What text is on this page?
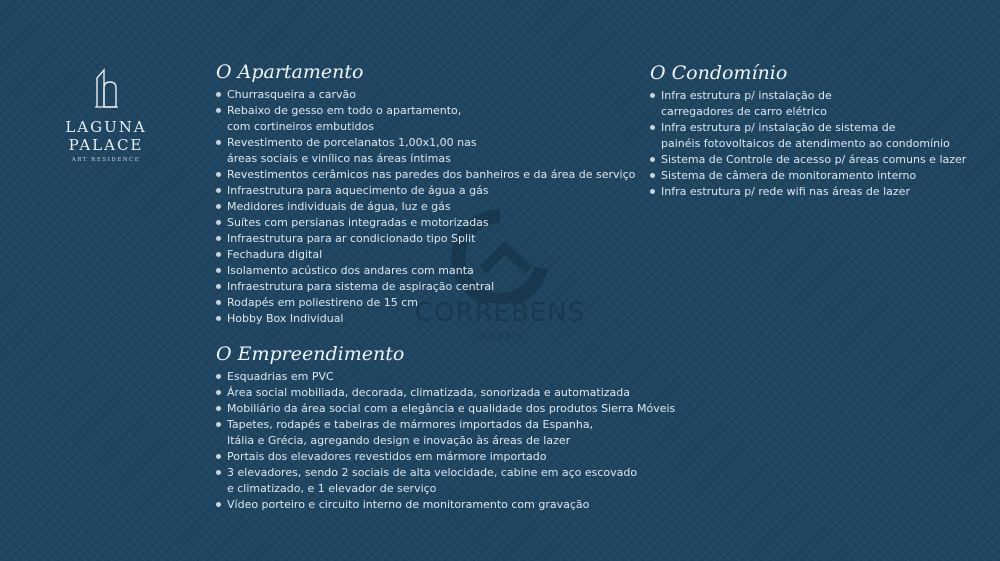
LAGUNA
PALACE
ART RESIDENCE
CORREBENS
IMÓVEIS
O Apartamento
Churrasqueira a carvão
Rebaixo de gesso em todo o apartamento,
com cortineiros embutidos
Revestimento de porcelanatos 1,00x1,00 nas
áreas sociais e vinílico nas áreas íntimas
Revestimentos cerâmicos nas paredes dos banheiros e da área de serviço
Infraestrutura para aquecimento de água a gás
Medidores individuais de água, luz e gás
Suítes com persianas integradas e motorizadas
Infraestrutura para ar condicionado tipo Split
Fechadura digital
Isolamento acústico dos andares com manta
Infraestrutura para sistema de aspiração central
Rodapés em poliestireno de 15 cm
Hobby Box Individual
O Empreendimento
Esquadrias em PVC
Área social mobiliada, decorada, climatizada, sonorizada e automatizada
Mobiliário da área social com a elegância e qualidade dos produtos Sierra Móveis
Tapetes, rodapés e tabeiras de mármores importados da Espanha,
Itália e Grécia, agregando design e inovação às áreas de lazer
Portais dos elevadores revestidos em mármore importado
3 elevadores, sendo 2 sociais de alta velocidade, cabine em aço escovado
e climatizado, e 1 elevador de serviço
Vídeo porteiro e circuito interno de monitoramento com gravação
O Condomínio
Infra estrutura p/ instalação de
carregadores de carro elétrico
Infra estrutura p/ instalação de sistema de
painéis fotovoltaicos de atendimento ao condomínio
Sistema de Controle de acesso p/ áreas comuns e lazer
Sistema de câmera de monitoramento interno
Infra estrutura p/ rede wifi nas áreas de lazer
